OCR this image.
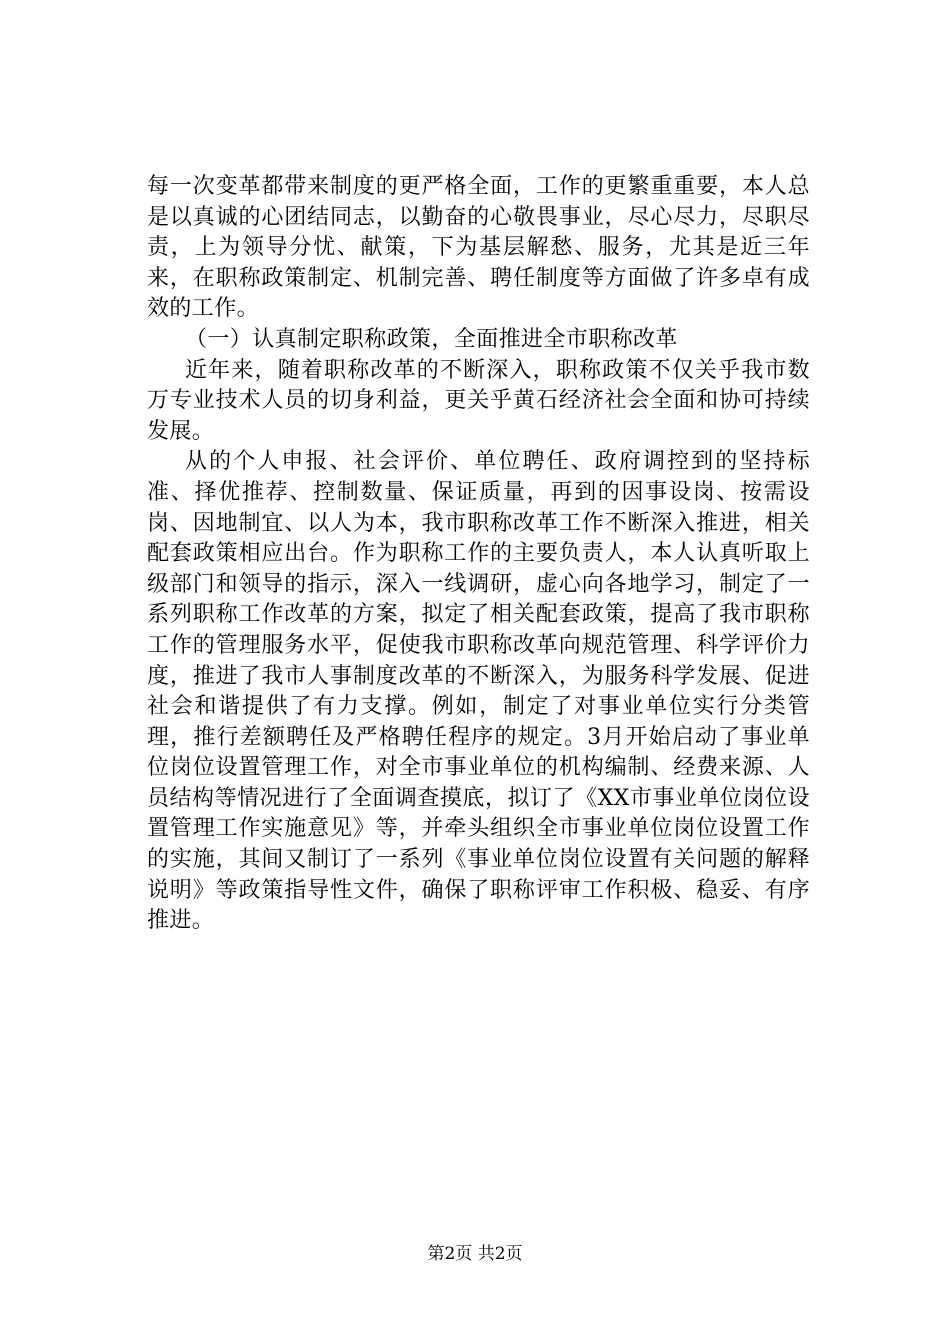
每一次变革都带来制度的更严格全面，工作的更繁重重要，本人总是以真诚的心团结同志，以勤奋的心敬畏事业，尽心尽力，尽职尽责，上为领导分忧、献策，下为基层解愁、服务，尤其是近三年来，在职称政策制定、机制完善、聘任制度等方面做了许多卓有成效的工作。

（一）认真制定职称政策，全面推进全市职称改革

近年来，随着职称改革的不断深入，职称政策不仅关乎我市数万专业技术人员的切身利益，更关乎黄石经济社会全面和协可持续发展。

从的个人申报、社会评价、单位聘任、政府调控到的坚持标准、择优推荐、控制数量、保证质量，再到的因事设岗、按需设岗、因地制宜、以人为本，我市职称改革工作不断深入推进，相关配套政策相应出台。作为职称工作的主要负责人，本人认真听取上级部门和领导的指示，深入一线调研，虚心向各地学习，制定了一系列职称工作改革的方案，拟定了相关配套政策，提高了我市职称工作的管理服务水平，促使我市职称改革向规范管理、科学评价力度，推进了我市人事制度改革的不断深入，为服务科学发展、促进社会和谐提供了有力支撑。例如，制定了对事业单位实行分类管理，推行差额聘任及严格聘任程序的规定。3月开始启动了事业单位岗位设置管理工作，对全市事业单位的机构编制、经费来源、人员结构等情况进行了全面调查摸底，拟订了《XX市事业单位岗位设置管理工作实施意见》等，并牵头组织全市事业单位岗位设置工作的实施，其间又制订了一系列《事业单位岗位设置有关问题的解释说明》等政策指导性文件，确保了职称评审工作积极、稳妥、有序推进。

第2页 共2页
